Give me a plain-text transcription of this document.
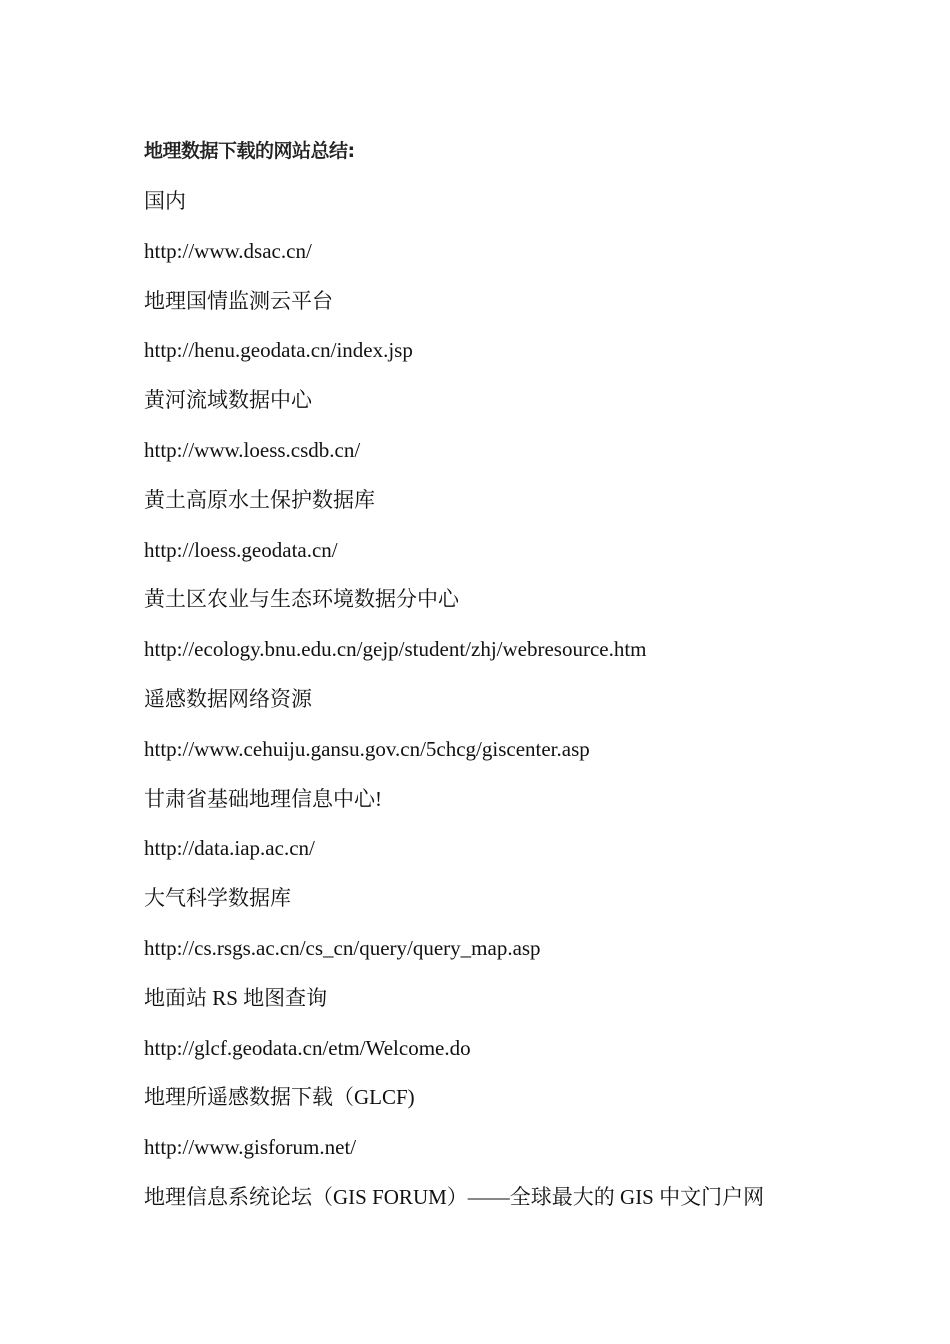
地理数据下载的网站总结:
国内
http://www.dsac.cn/
地理国情监测云平台
http://henu.geodata.cn/index.jsp
黄河流域数据中心
http://www.loess.csdb.cn/
黄土高原水土保护数据库
http://loess.geodata.cn/
黄土区农业与生态环境数据分中心
http://ecology.bnu.edu.cn/gejp/student/zhj/webresource.htm
遥感数据网络资源
http://www.cehuiju.gansu.gov.cn/5chcg/giscenter.asp
甘肃省基础地理信息中心!
http://data.iap.ac.cn/
大气科学数据库
http://cs.rsgs.ac.cn/cs_cn/query/query_map.asp
地面站 RS 地图查询
http://glcf.geodata.cn/etm/Welcome.do
地理所遥感数据下载（GLCF)
http://www.gisforum.net/
地理信息系统论坛（GIS FORUM）——全球最大的 GIS 中文门户网
